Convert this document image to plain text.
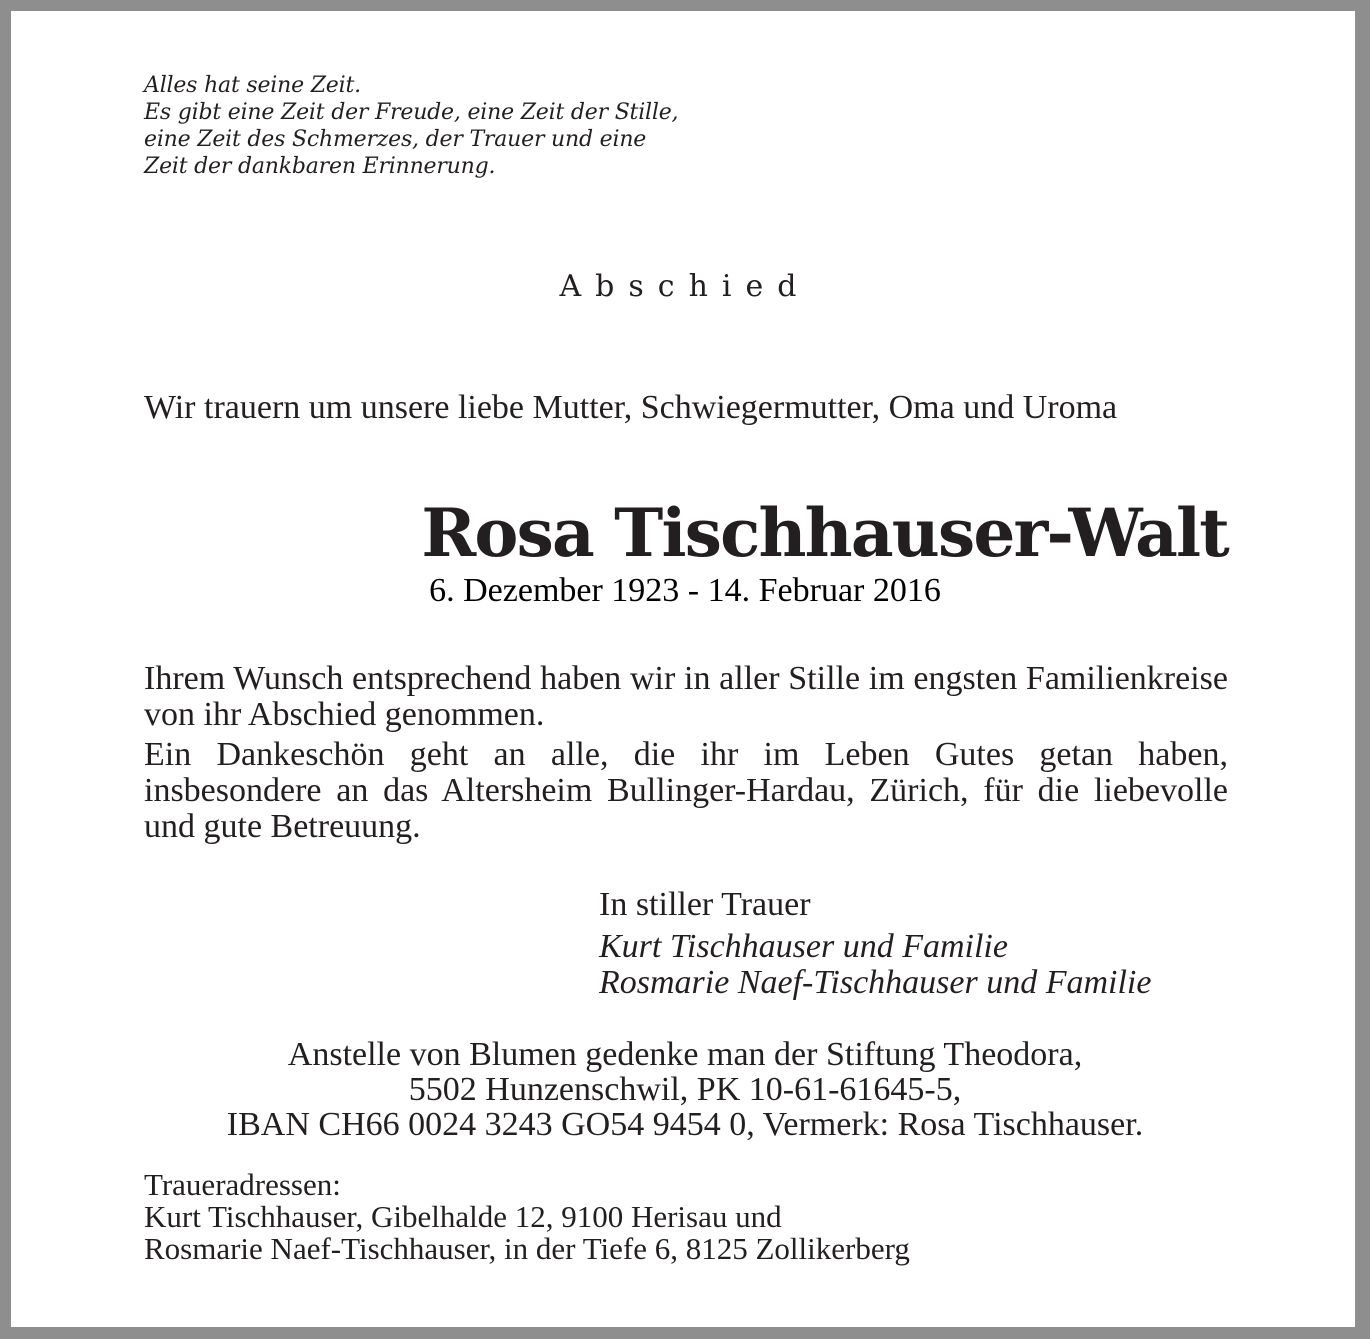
Alles hat seine Zeit.
Es gibt eine Zeit der Freude, eine Zeit der Stille,
eine Zeit des Schmerzes, der Trauer und eine
Zeit der dankbaren Erinnerung.
Abschied
Wir trauern um unsere liebe Mutter, Schwiegermutter, Oma und Uroma
Rosa Tischhauser-Walt

Ihrem Wunsch entsprechend haben wir in aller Stille im engsten Familienkreise von ihr Abschied genommen.

Ein Dankeschön geht an alle, die ihr im Leben Gutes getan haben, insbesondere an das Altersheim Bullinger-Hardau, Zürich, für die liebevolle und gute Betreuung.

In stiller Trauer
Kurt Tischhauser und Familie
Rosmarie Naef-Tischhauser und Familie
Anstelle von Blumen gedenke man der Stiftung Theodora,
5502 Hunzenschwil, PK 10-61-61645-5,
IBAN CH66 0024 3243 GO54 9454 0, Vermerk: Rosa Tischhauser.
Traueradressen:
Kurt Tischhauser, Gibelhalde 12, 9100 Herisau und
Rosmarie Naef-Tischhauser, in der Tiefe 6, 8125 Zollikerberg
6. Dezember 1923 - 14. Februar 2016
